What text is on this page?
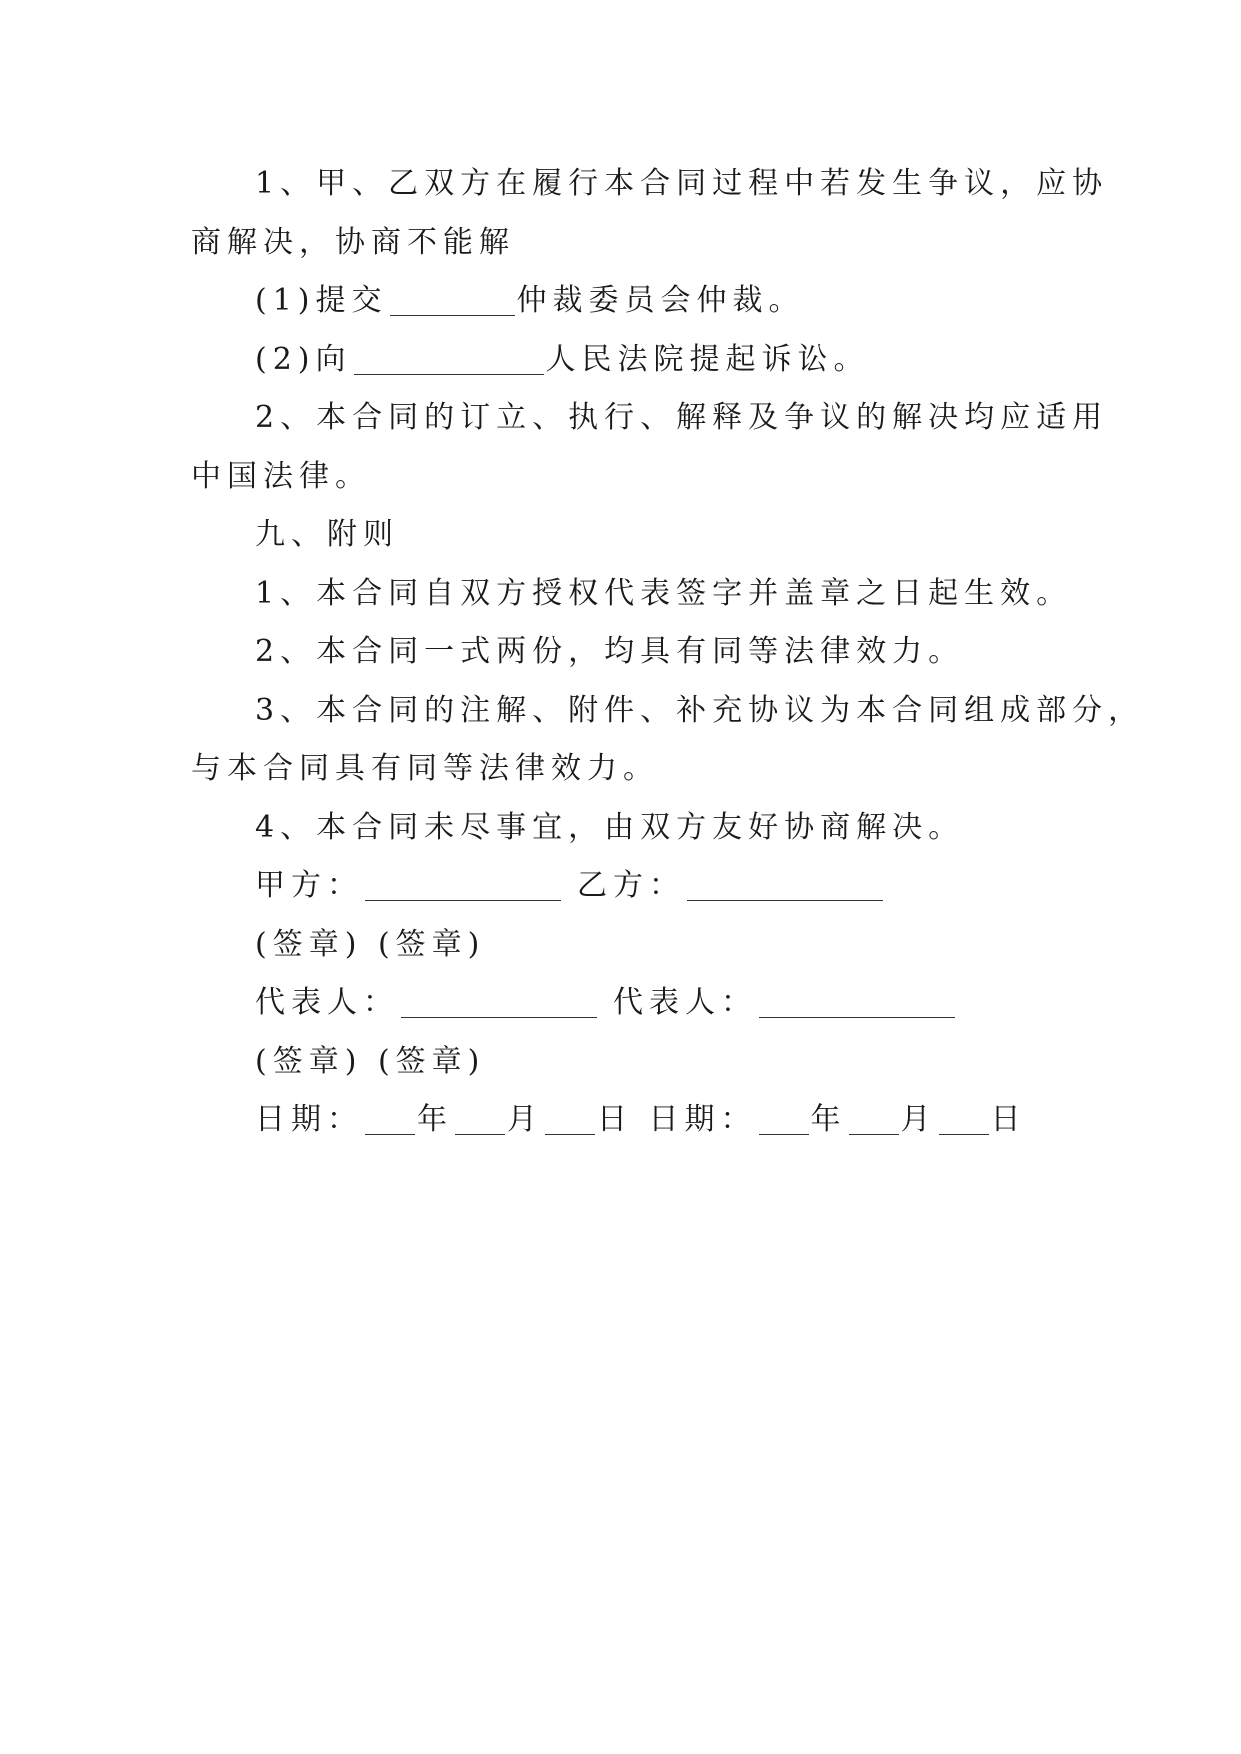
1、甲、乙双方在履行本合同过程中若发生争议，应协
商解决，协商不能解
(1)提交	仲裁委员会仲裁。
(2)向	人民法院提起诉讼。
2、本合同的订立、执行、解释及争议的解决均应适用
中国法律。
九、附则
1、本合同自双方授权代表签字并盖章之日起生效。
2、本合同一式两份，均具有同等法律效力。
3、本合同的注解、附件、补充协议为本合同组成部分，
与本合同具有同等法律效力。
4、本合同未尽事宜，由双方友好协商解决。
甲方：	乙方：
(签章) (签章)
代表人：	代表人：
(签章) (签章)
日期： 年 月 日 日期： 年 月 日
